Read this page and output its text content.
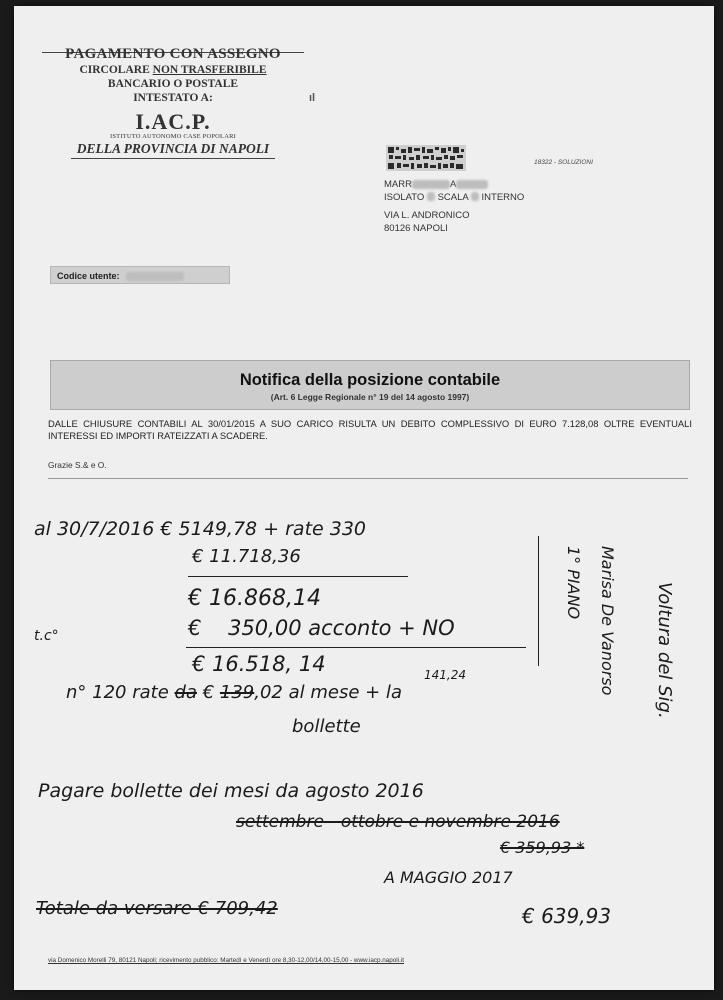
PAGAMENTO CON ASSEGNO
CIRCOLARE NON TRASFERIBILE
BANCARIO O POSTALE
INTESTATO A:
I.AC.P.
ISTITUTO AUTONOMO CASE POPOLARI
DELLA PROVINCIA DI NAPOLI
ıl
18322 - SOLUZIONI
MARR	A
ISOLATO SCALA INTERNO
VIA L. ANDRONICO
80126 NAPOLI
Codice utente:
Notifica della posizione contabile
(Art. 6 Legge Regionale n° 19 del 14 agosto 1997)
DALLE CHIUSURE CONTABILI AL 30/01/2015 A SUO CARICO RISULTA UN DEBITO COMPLESSIVO DI EURO 7.128,08 OLTRE EVENTUALI INTERESSI ED IMPORTI RATEIZZATI A SCADERE.
Grazie S.& e O.
al 30/7/2016 € 5149,78 + rate 330
€ 11.718,36
€ 16.868,14
t.c°	€ 350,00 acconto + NO
€ 16.518, 14	141,24
n° 120 rate da € 139,02 al mese + la
bollette
1° PIANO Marisa De Vanorso Voltura del Sig.
Pagare bollette dei mesi da agosto 2016
settembre - ottobre e novembre 2016
€ 359,93 *
A MAGGIO 2017
Totale da versare € 709,42	€ 639,93
via Domenico Morelli 79, 80121 Napoli; ricevimento pubblico: Martedì e Venerdì ore 8,30-12,00/14,00-15,00 - www.iacp.napoli.it
